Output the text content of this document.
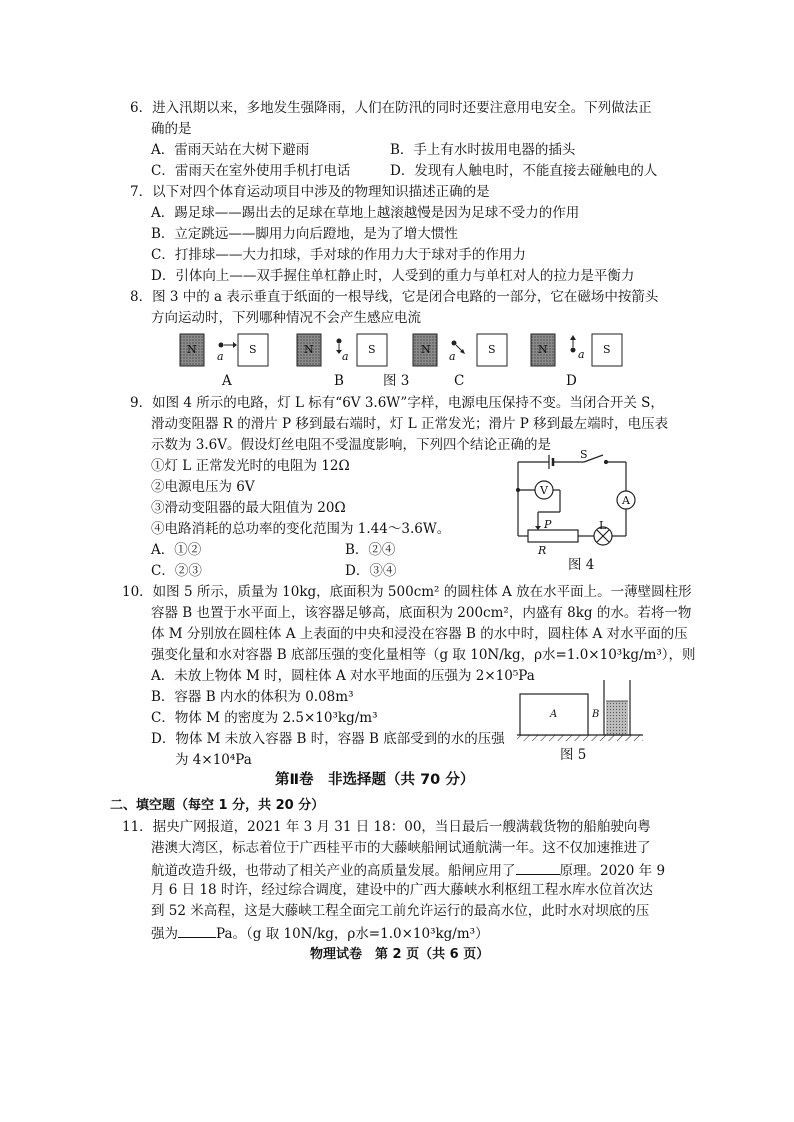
6．进入汛期以来，多地发生强降雨，人们在防汛的同时还要注意用电安全。下列做法正
确的是
A．雷雨天站在大树下避雨	B．手上有水时拔用电器的插头
C．雷雨天在室外使用手机打电话	D．发现有人触电时，不能直接去碰触电的人
7．以下对四个体育运动项目中涉及的物理知识描述正确的是
A．踢足球——踢出去的足球在草地上越滚越慢是因为足球不受力的作用
B．立定跳远——脚用力向后蹬地，是为了增大惯性
C．打排球——大力扣球，手对球的作用力大于球对手的作用力
D．引体向上——双手握住单杠静止时，人受到的重力与单杠对人的拉力是平衡力
8．图 3 中的 a 表示垂直于纸面的一根导线，它是闭合电路的一部分，它在磁场中按箭头
方向运动时，下列哪种情况不会产生感应电流
N	S
a
N	S
a
N	S
a
N	S
a
A	B	图 3	C	D
9．如图 4 所示的电路，灯 L 标有“6V 3.6W”字样，电源电压保持不变。当闭合开关 S，
滑动变阻器 R 的滑片 P 移到最右端时，灯 L 正常发光；滑片 P 移到最左端时，电压表
示数为 3.6V。假设灯丝电阻不受温度影响，下列四个结论正确的是
①灯 L 正常发光时的电阻为 12Ω
②电源电压为 6V
③滑动变阻器的最大阻值为 20Ω
④电路消耗的总功率的变化范围为 1.44～3.6W。
A．①②	B．②④
C．②③	D．③④
S
V
A
P
R
L
图 4
10．如图 5 所示，质量为 10kg，底面积为 500cm² 的圆柱体 A 放在水平面上。一薄壁圆柱形
容器 B 也置于水平面上，该容器足够高，底面积为 200cm²，内盛有 8kg 的水。若将一物
体 M 分别放在圆柱体 A 上表面的中央和浸没在容器 B 的水中时，圆柱体 A 对水平面的压
强变化量和水对容器 B 底部压强的变化量相等（g 取 10N/kg，ρ水=1.0×10³kg/m³），则
A．未放上物体 M 时，圆柱体 A 对水平地面的压强为 2×10⁵Pa
B．容器 B 内水的体积为 0.08m³
C．物体 M 的密度为 2.5×10³kg/m³
D．物体 M 未放入容器 B 时，容器 B 底部受到的水的压强
为 4×10⁴Pa
A	B
图 5
第Ⅱ卷　非选择题（共 70 分）
二、填空题（每空 1 分，共 20 分）
11．据央广网报道，2021 年 3 月 31 日 18：00，当日最后一艘满载货物的船舶驶向粤
港澳大湾区，标志着位于广西桂平市的大藤峡船闸试通航满一年。这不仅加速推进了
航道改造升级，也带动了相关产业的高质量发展。船闸应用了	原理。2020 年 9
月 6 日 18 时许，经过综合调度，建设中的广西大藤峡水利枢纽工程水库水位首次达
到 52 米高程，这是大藤峡工程全面完工前允许运行的最高水位，此时水对坝底的压
强为	Pa。（g 取 10N/kg，ρ水=1.0×10³kg/m³）
物理试卷　第 2 页（共 6 页）
